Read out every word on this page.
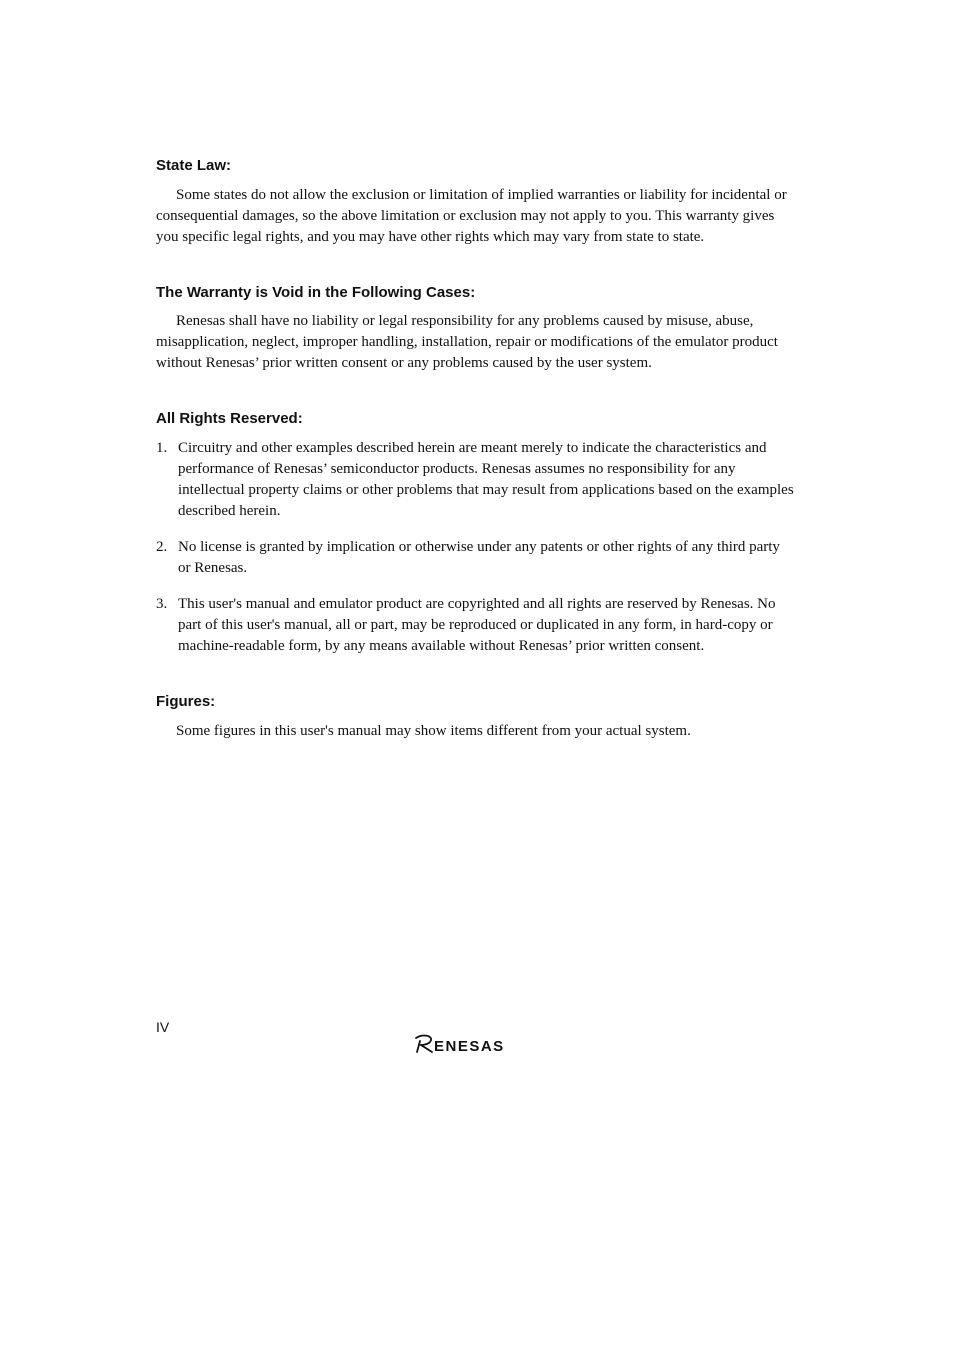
State Law:

Some states do not allow the exclusion or limitation of implied warranties or liability for incidental or consequential damages, so the above limitation or exclusion may not apply to you. This warranty gives you specific legal rights, and you may have other rights which may vary from state to state.

The Warranty is Void in the Following Cases:

Renesas shall have no liability or legal responsibility for any problems caused by misuse, abuse, misapplication, neglect, improper handling, installation, repair or modifications of the emulator product without Renesas’ prior written consent or any problems caused by the user system.

All Rights Reserved:
1. Circuitry and other examples described herein are meant merely to indicate the characteristics and performance of Renesas’ semiconductor products. Renesas assumes no responsibility for any intellectual property claims or other problems that may result from applications based on the examples described herein.
2. No license is granted by implication or otherwise under any patents or other rights of any third party or Renesas.
3. This user's manual and emulator product are copyrighted and all rights are reserved by Renesas. No part of this user's manual, all or part, may be reproduced or duplicated in any form, in hard-copy or machine-readable form, by any means available without Renesas’ prior written consent.
Figures:

Some figures in this user's manual may show items different from your actual system.

IV
ENESAS
